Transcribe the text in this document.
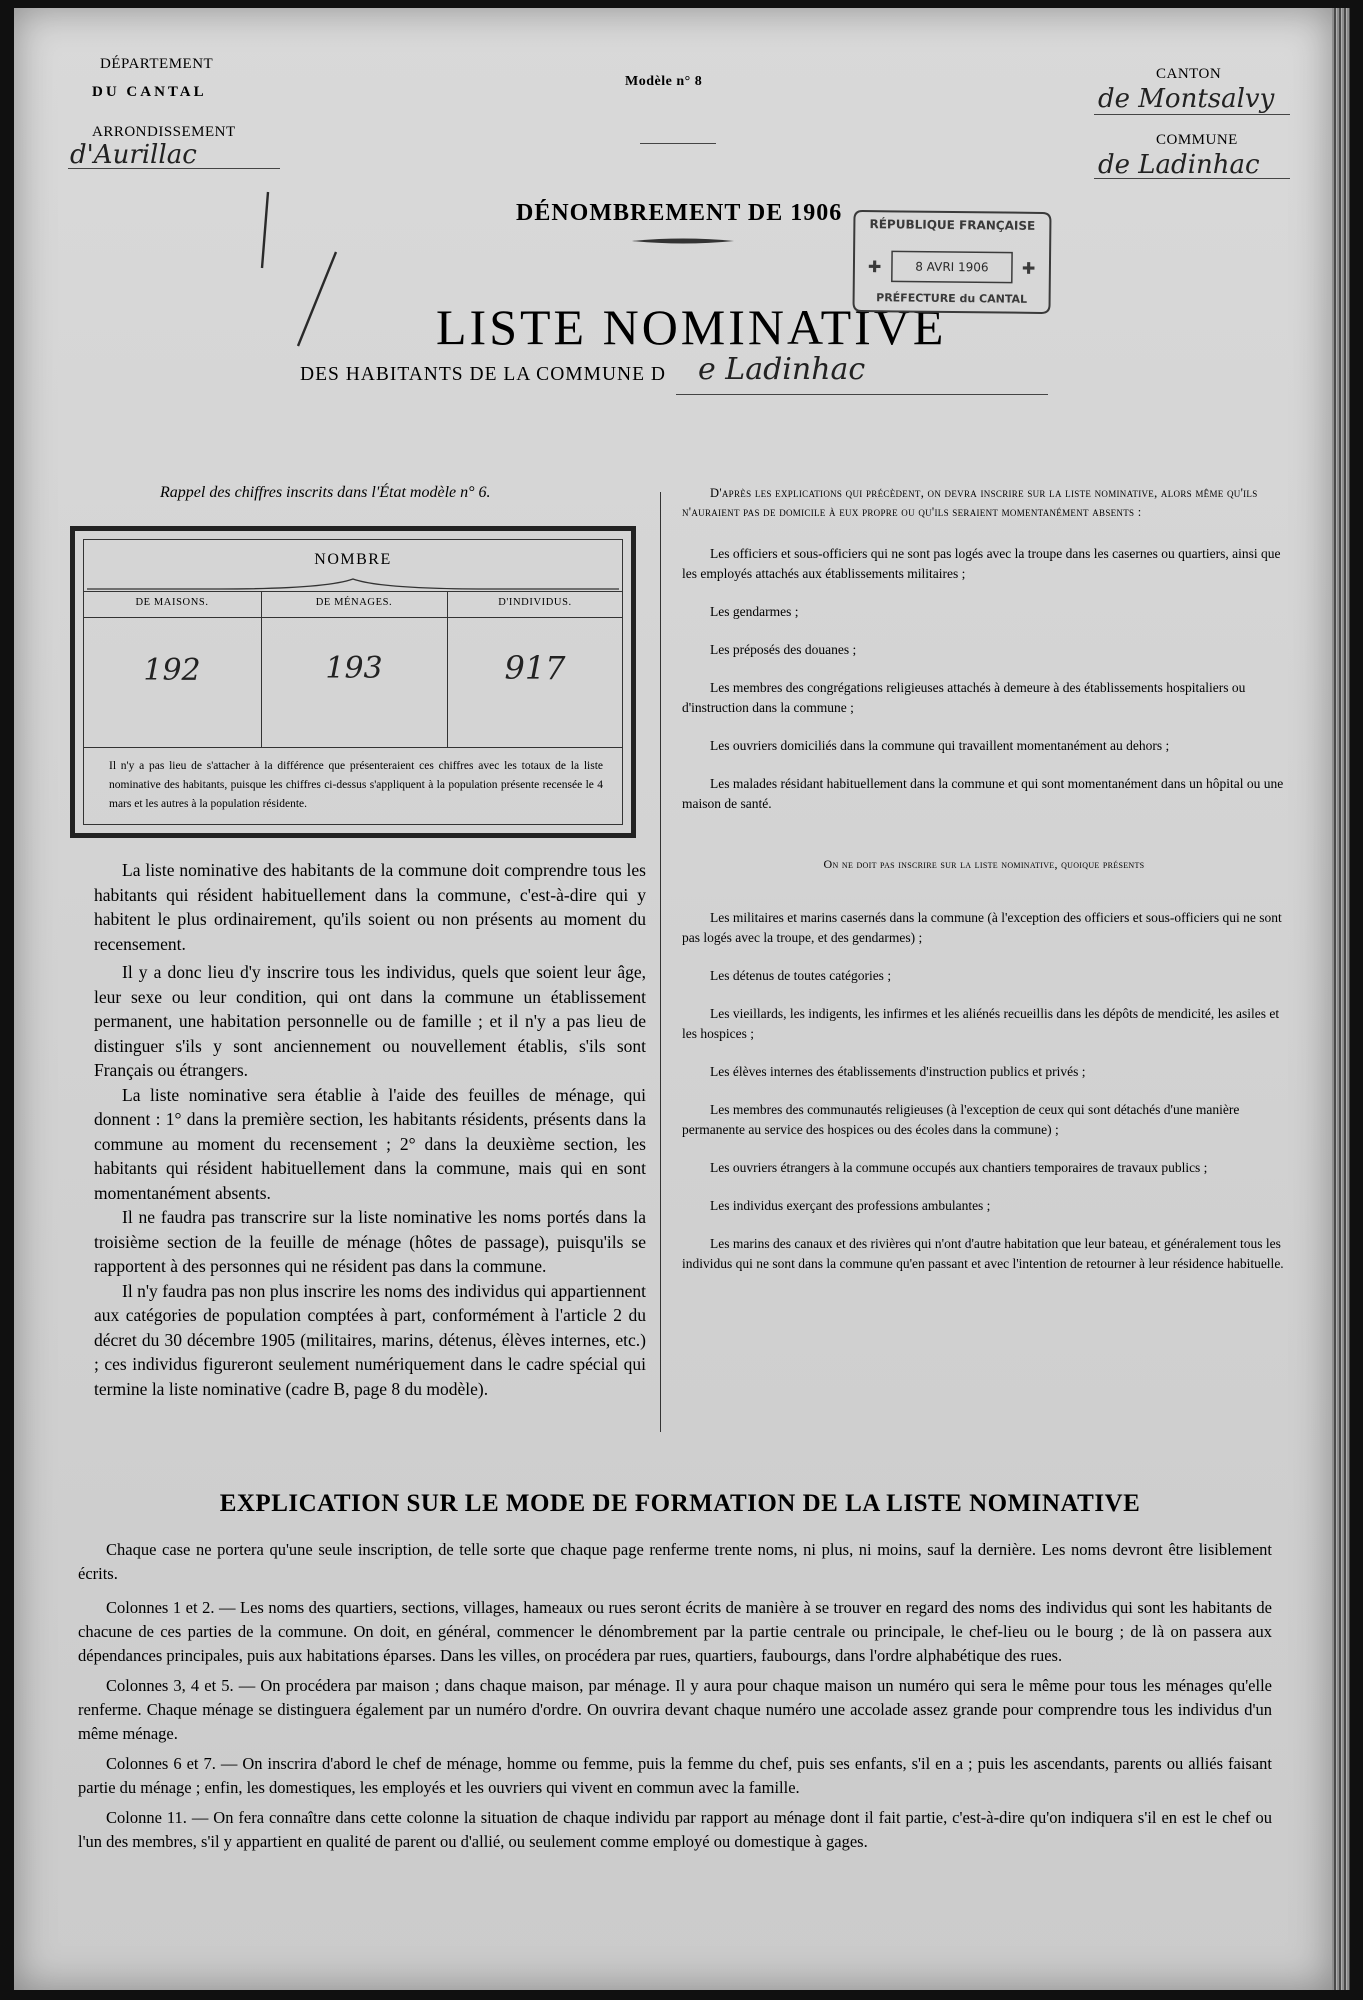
DÉPARTEMENT
DU CANTAL
ARRONDISSEMENT
d'Aurillac
Modèle n° 8	CANTON
de Montsalvy
COMMUNE
de Ladinhac
DÉNOMBREMENT DE 1906
LISTE NOMINATIVE
DES HABITANTS DE LA COMMUNE D e Ladinhac
✚	✚
RÉPUBLIQUE FRANÇAISE
8 AVRI 1906
PRÉFECTURE du CANTAL
Rappel des chiffres inscrits dans l'État modèle n° 6.
NOMBRE
DE MAISONS.	DE MÉNAGES.	D'INDIVIDUS.
192	193	917
Il n'y a pas lieu de s'attacher à la différence que présenteraient ces chiffres avec les totaux de la liste nominative des habitants, puisque les chiffres ci-dessus s'appliquent à la population présente recensée le 4 mars et les autres à la population résidente.

La liste nominative des habitants de la commune doit comprendre tous les habitants qui résident habituellement dans la commune, c'est-à-dire qui y habitent le plus ordinairement, qu'ils soient ou non présents au moment du recensement.

Il y a donc lieu d'y inscrire tous les individus, quels que soient leur âge, leur sexe ou leur condition, qui ont dans la commune un établissement permanent, une habitation personnelle ou de famille ; et il n'y a pas lieu de distinguer s'ils y sont anciennement ou nouvellement établis, s'ils sont Français ou étrangers.

La liste nominative sera établie à l'aide des feuilles de ménage, qui donnent : 1° dans la première section, les habitants résidents, présents dans la commune au moment du recensement ; 2° dans la deuxième section, les habitants qui résident habituellement dans la commune, mais qui en sont momentanément absents.

Il ne faudra pas transcrire sur la liste nominative les noms portés dans la troisième section de la feuille de ménage (hôtes de passage), puisqu'ils se rapportent à des personnes qui ne résident pas dans la commune.

Il n'y faudra pas non plus inscrire les noms des individus qui appartiennent aux catégories de population comptées à part, conformément à l'article 2 du décret du 30 décembre 1905 (militaires, marins, détenus, élèves internes, etc.) ; ces individus figureront seulement numériquement dans le cadre spécial qui termine la liste nominative (cadre B, page 8 du modèle).

D'après les explications qui précèdent, on devra inscrire sur la liste nominative, alors même qu'ils n'auraient pas de domicile à eux propre ou qu'ils seraient momentanément absents :

Les officiers et sous-officiers qui ne sont pas logés avec la troupe dans les casernes ou quartiers, ainsi que les employés attachés aux établissements militaires ;

Les gendarmes ;

Les préposés des douanes ;

Les membres des congrégations religieuses attachés à demeure à des établissements hospitaliers ou d'instruction dans la commune ;

Les ouvriers domiciliés dans la commune qui travaillent momentanément au dehors ;

Les malades résidant habituellement dans la commune et qui sont momentanément dans un hôpital ou une maison de santé.

On ne doit pas inscrire sur la liste nominative, quoique présents

Les militaires et marins casernés dans la commune (à l'exception des officiers et sous-officiers qui ne sont pas logés avec la troupe, et des gendarmes) ;

Les détenus de toutes catégories ;

Les vieillards, les indigents, les infirmes et les aliénés recueillis dans les dépôts de mendicité, les asiles et les hospices ;

Les élèves internes des établissements d'instruction publics et privés ;

Les membres des communautés religieuses (à l'exception de ceux qui sont détachés d'une manière permanente au service des hospices ou des écoles dans la commune) ;

Les ouvriers étrangers à la commune occupés aux chantiers temporaires de travaux publics ;

Les individus exerçant des professions ambulantes ;

Les marins des canaux et des rivières qui n'ont d'autre habitation que leur bateau, et généralement tous les individus qui ne sont dans la commune qu'en passant et avec l'intention de retourner à leur résidence habituelle.

EXPLICATION SUR LE MODE DE FORMATION DE LA LISTE NOMINATIVE

Chaque case ne portera qu'une seule inscription, de telle sorte que chaque page renferme trente noms, ni plus, ni moins, sauf la dernière. Les noms devront être lisiblement écrits.

Colonnes 1 et 2. — Les noms des quartiers, sections, villages, hameaux ou rues seront écrits de manière à se trouver en regard des noms des individus qui sont les habitants de chacune de ces parties de la commune. On doit, en général, commencer le dénombrement par la partie centrale ou principale, le chef-lieu ou le bourg ; de là on passera aux dépendances principales, puis aux habitations éparses. Dans les villes, on procédera par rues, quartiers, faubourgs, dans l'ordre alphabétique des rues.

Colonnes 3, 4 et 5. — On procédera par maison ; dans chaque maison, par ménage. Il y aura pour chaque maison un numéro qui sera le même pour tous les ménages qu'elle renferme. Chaque ménage se distinguera également par un numéro d'ordre. On ouvrira devant chaque numéro une accolade assez grande pour comprendre tous les individus d'un même ménage.

Colonnes 6 et 7. — On inscrira d'abord le chef de ménage, homme ou femme, puis la femme du chef, puis ses enfants, s'il en a ; puis les ascendants, parents ou alliés faisant partie du ménage ; enfin, les domestiques, les employés et les ouvriers qui vivent en commun avec la famille.

Colonne 11. — On fera connaître dans cette colonne la situation de chaque individu par rapport au ménage dont il fait partie, c'est-à-dire qu'on indiquera s'il en est le chef ou l'un des membres, s'il y appartient en qualité de parent ou d'allié, ou seulement comme employé ou domestique à gages.
